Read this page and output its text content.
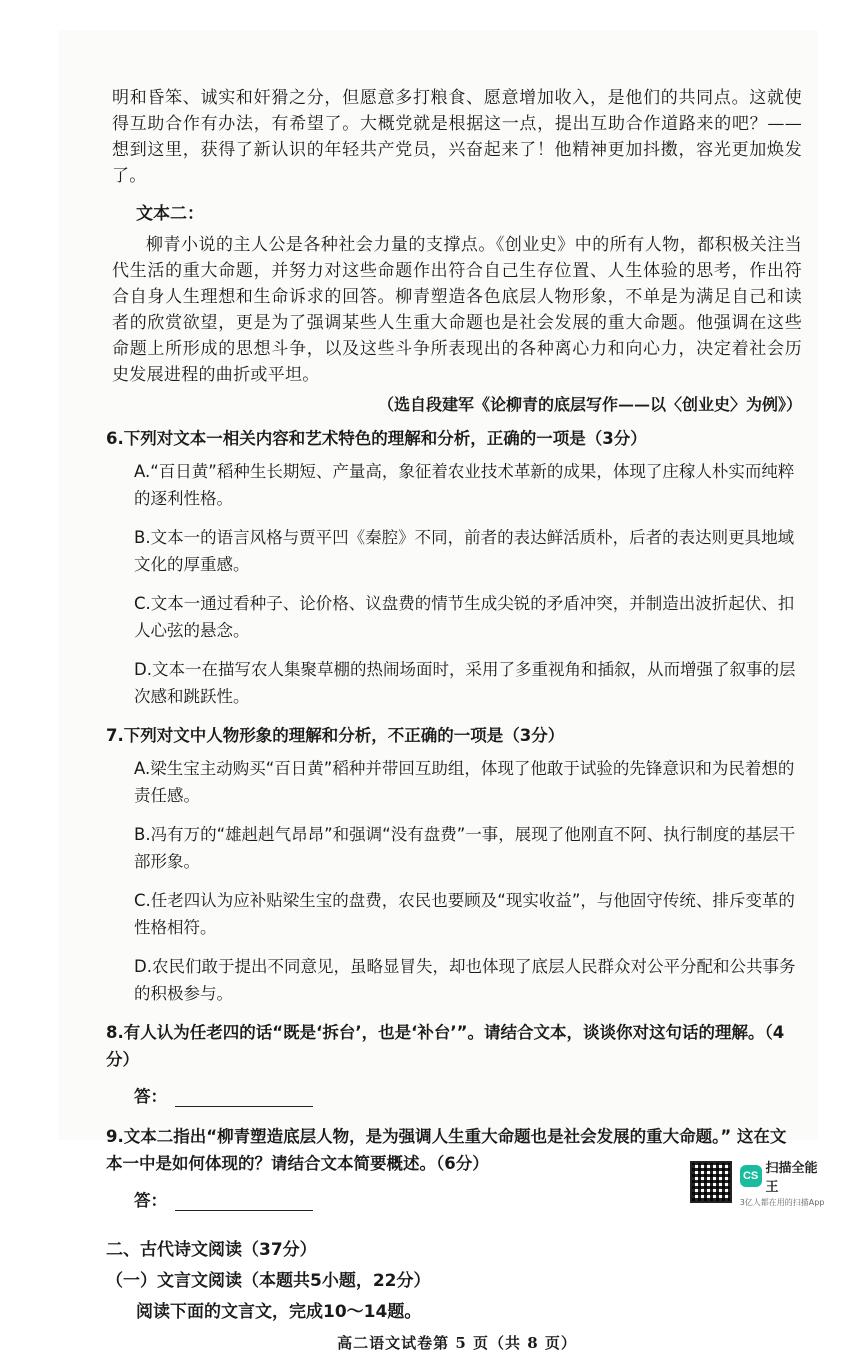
明和昏笨、诚实和奸猾之分，但愿意多打粮食、愿意增加收入，是他们的共同点。这就使得互助合作有办法，有希望了。大概党就是根据这一点，提出互助合作道路来的吧？——想到这里，获得了新认识的年轻共产党员，兴奋起来了！他精神更加抖擞，容光更加焕发了。

文本二：

柳青小说的主人公是各种社会力量的支撑点。《创业史》中的所有人物，都积极关注当代生活的重大命题，并努力对这些命题作出符合自己生存位置、人生体验的思考，作出符合自身人生理想和生命诉求的回答。柳青塑造各色底层人物形象，不单是为满足自己和读者的欣赏欲望，更是为了强调某些人生重大命题也是社会发展的重大命题。他强调在这些命题上所形成的思想斗争，以及这些斗争所表现出的各种离心力和向心力，决定着社会历史发展进程的曲折或平坦。

（选自段建军《论柳青的底层写作——以〈创业史〉为例》）
6.下列对文本一相关内容和艺术特色的理解和分析，正确的一项是（3分）
A.“百日黄”稻种生长期短、产量高，象征着农业技术革新的成果，体现了庄稼人朴实而纯粹的逐利性格。
B.文本一的语言风格与贾平凹《秦腔》不同，前者的表达鲜活质朴，后者的表达则更具地域文化的厚重感。
C.文本一通过看种子、论价格、议盘费的情节生成尖锐的矛盾冲突，并制造出波折起伏、扣人心弦的悬念。
D.文本一在描写农人集聚草棚的热闹场面时，采用了多重视角和插叙，从而增强了叙事的层次感和跳跃性。
7.下列对文中人物形象的理解和分析，不正确的一项是（3分）
A.梁生宝主动购买“百日黄”稻种并带回互助组，体现了他敢于试验的先锋意识和为民着想的责任感。
B.冯有万的“雄赳赳气昂昂”和强调“没有盘费”一事，展现了他刚直不阿、执行制度的基层干部形象。
C.任老四认为应补贴梁生宝的盘费，农民也要顾及“现实收益”，与他固守传统、排斥变革的性格相符。
D.农民们敢于提出不同意见，虽略显冒失，却也体现了底层人民群众对公平分配和公共事务的积极参与。
8.有人认为任老四的话“既是‘拆台’，也是‘补台’”。请结合文本，谈谈你对这句话的理解。（4分）
答：
9.文本二指出“柳青塑造底层人物，是为强调人生重大命题也是社会发展的重大命题。” 这在文本一中是如何体现的？请结合文本简要概述。（6分）
答：
二、古代诗文阅读（37分）
（一）文言文阅读（本题共5小题，22分）
阅读下面的文言文，完成10～14题。
高二语文试卷第 5 页（共 8 页）
CS 扫描全能王
3亿人都在用的扫描App
